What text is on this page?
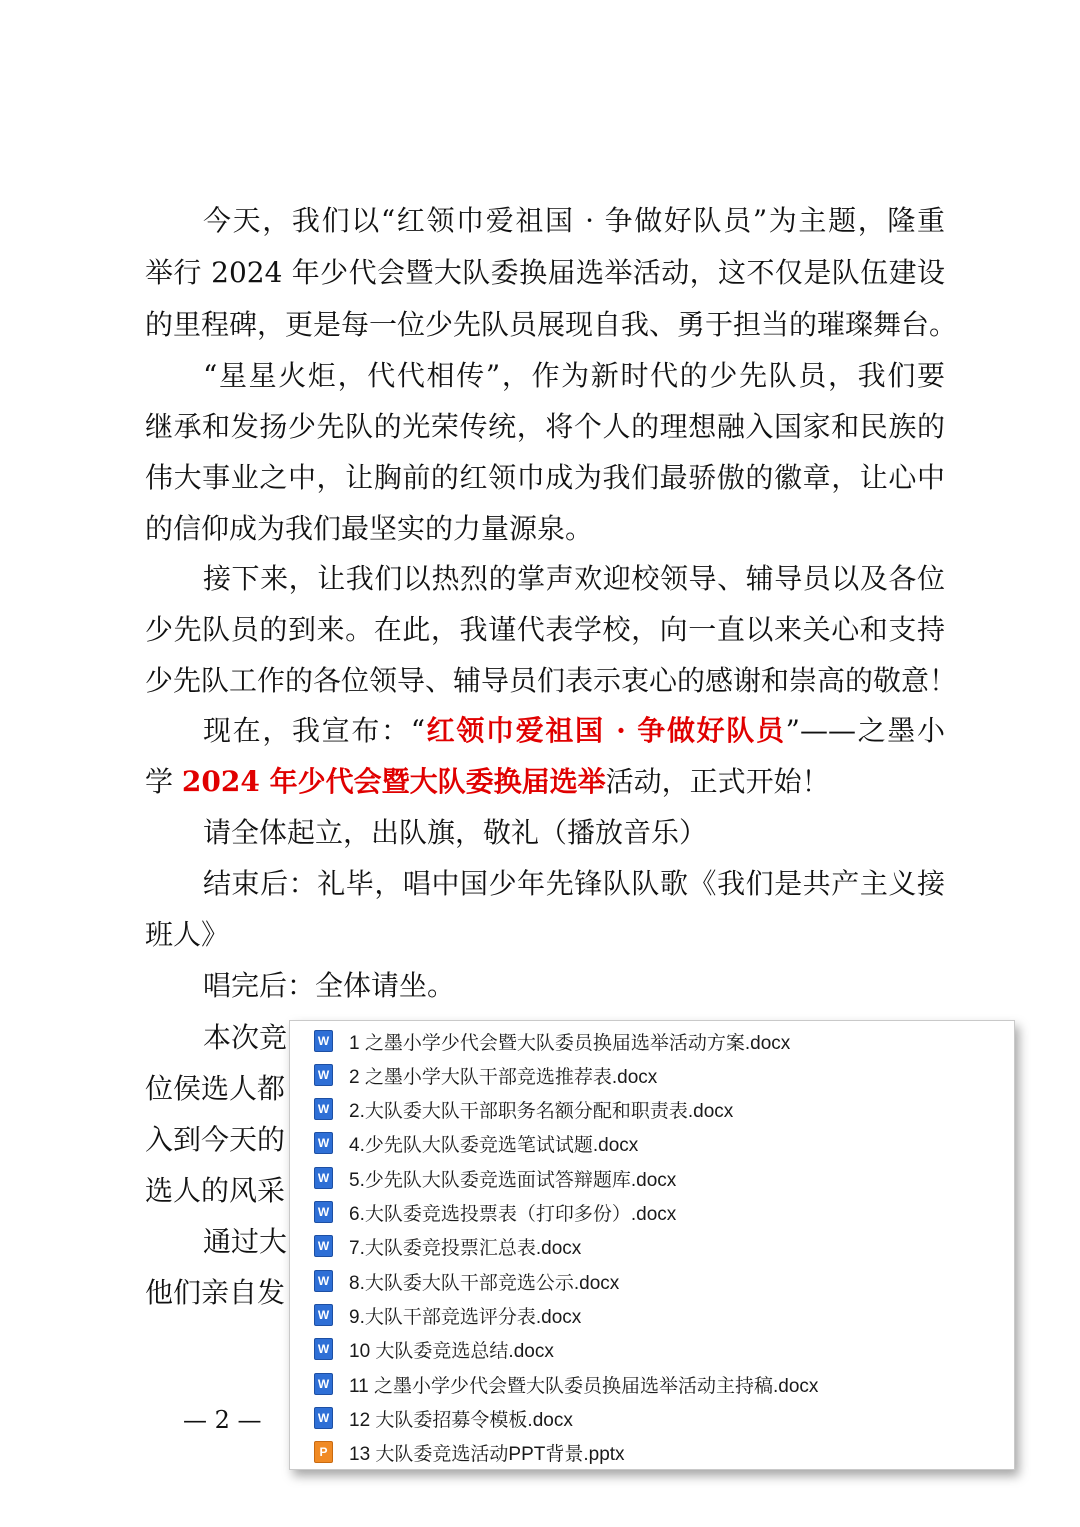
今天，我们以“红领巾爱祖国 · 争做好队员”为主题，隆重
举行 2024 年少代会暨大队委换届选举活动，这不仅是队伍建设
的里程碑，更是每一位少先队员展现自我、勇于担当的璀璨舞台。
“星星火炬，代代相传”，作为新时代的少先队员，我们要
继承和发扬少先队的光荣传统，将个人的理想融入国家和民族的
伟大事业之中，让胸前的红领巾成为我们最骄傲的徽章，让心中
的信仰成为我们最坚实的力量源泉。
接下来，让我们以热烈的掌声欢迎校领导、辅导员以及各位
少先队员的到来。在此，我谨代表学校，向一直以来关心和支持
少先队工作的各位领导、辅导员们表示衷心的感谢和崇高的敬意！
现在，我宣布：“红领巾爱祖国 · 争做好队员”——之墨小
学 2024 年少代会暨大队委换届选举活动，正式开始！
请全体起立，出队旗，敬礼（播放音乐）
结束后：礼毕，唱中国少年先锋队队歌《我们是共产主义接
班人》
唱完后：全体请坐。
本次竞
位侯选人都
入到今天的
选人的风采
通过大
他们亲自发
— 2 —
W 1 之墨小学少代会暨大队委员换届选举活动方案.docx
W 2 之墨小学大队干部竞选推荐表.docx
W 2.大队委大队干部职务名额分配和职责表.docx
W 4.少先队大队委竞选笔试试题.docx
W 5.少先队大队委竞选面试答辩题库.docx
W 6.大队委竞选投票表（打印多份）.docx
W 7.大队委竞投票汇总表.docx
W 8.大队委大队干部竞选公示.docx
W 9.大队干部竞选评分表.docx
W 10 大队委竞选总结.docx
W 11 之墨小学少代会暨大队委员换届选举活动主持稿.docx
W 12 大队委招募令模板.docx
P 13 大队委竞选活动PPT背景.pptx
